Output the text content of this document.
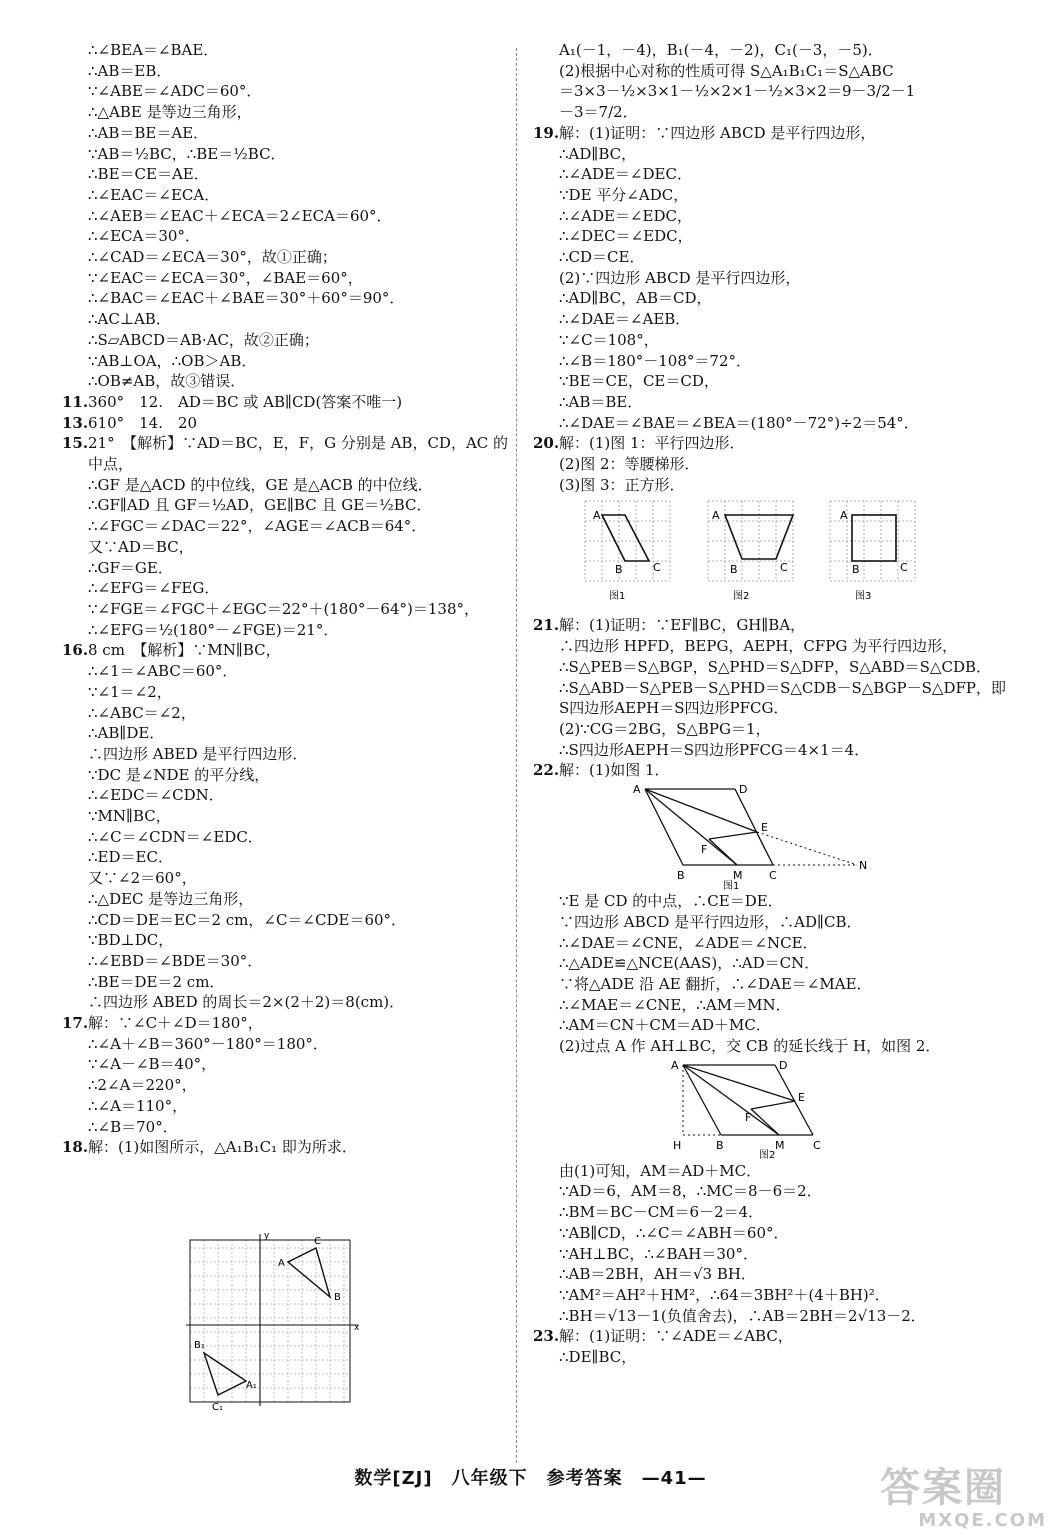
∴∠BEA＝∠BAE．
∴AB＝EB．
∵∠ABE＝∠ADC＝60°．
∴△ABE 是等边三角形，
∴AB＝BE＝AE．
∵AB＝½BC，∴BE＝½BC．
∴BE＝CE＝AE．
∴∠EAC＝∠ECA．
∴∠AEB＝∠EAC＋∠ECA＝2∠ECA＝60°．
∴∠ECA＝30°．
∴∠CAD＝∠ECA＝30°，故①正确；
∵∠EAC＝∠ECA＝30°，∠BAE＝60°，
∴∠BAC＝∠EAC＋∠BAE＝30°＋60°＝90°．
∴AC⊥AB．
∴S▱ABCD＝AB·AC，故②正确；
∵AB⊥OA，∴OB＞AB．
∴OB≠AB，故③错误．
11.360°　12.　AD＝BC 或 AB∥CD(答案不唯一)
13.610°　14.　20
15.21°　【解析】∵AD＝BC，E，F，G 分别是 AB，CD，AC 的
中点，
∴GF 是△ACD 的中位线，GE 是△ACB 的中位线．
∴GF∥AD 且 GF＝½AD，GE∥BC 且 GE＝½BC．
∴∠FGC＝∠DAC＝22°，∠AGE＝∠ACB＝64°．
又∵AD＝BC，
∴GF＝GE．
∴∠EFG＝∠FEG．
∵∠FGE＝∠FGC＋∠EGC＝22°＋(180°－64°)＝138°，
∴∠EFG＝½(180°－∠FGE)＝21°．
16.8 cm　【解析】∵MN∥BC，
∴∠1＝∠ABC＝60°．
∵∠1＝∠2，
∴∠ABC＝∠2，
∴AB∥DE．
∴四边形 ABED 是平行四边形．
∵DC 是∠NDE 的平分线，
∴∠EDC＝∠CDN．
∵MN∥BC，
∴∠C＝∠CDN＝∠EDC．
∴ED＝EC．
又∵∠2＝60°，
∴△DEC 是等边三角形，
∴CD＝DE＝EC＝2 cm，∠C＝∠CDE＝60°．
∵BD⊥DC，
∴∠EBD＝∠BDE＝30°．
∴BE＝DE＝2 cm．
∴四边形 ABED 的周长＝2×(2＋2)＝8(cm)．
17.解：∵∠C＋∠D＝180°，
∴∠A＋∠B＝360°－180°＝180°．
∵∠A－∠B＝40°，
∴2∠A＝220°，
∴∠A＝110°，
∴∠B＝70°．
18.解：(1)如图所示，△A₁B₁C₁ 即为所求．
A₁(－1，－4)，B₁(－4，－2)，C₁(－3，－5)．
(2)根据中心对称的性质可得 S△A₁B₁C₁＝S△ABC
＝3×3－½×3×1－½×2×1－½×3×2＝9－3/2－1
－3＝7/2．
19.解：(1)证明：∵四边形 ABCD 是平行四边形，
∴AD∥BC，
∴∠ADE＝∠DEC．
∵DE 平分∠ADC，
∴∠ADE＝∠EDC，
∴∠DEC＝∠EDC，
∴CD＝CE．
(2)∵四边形 ABCD 是平行四边形，
∴AD∥BC，AB＝CD，
∴∠DAE＝∠AEB．
∵∠C＝108°，
∴∠B＝180°－108°＝72°．
∵BE＝CE，CE＝CD，
∴AB＝BE．
∴∠DAE＝∠BAE＝∠BEA＝(180°－72°)÷2＝54°．
20.解：(1)图 1：平行四边形．
(2)图 2：等腰梯形．
(3)图 3：正方形．
A
B	C
A
B	C
A
B	C
图1	图2	图3
21.解：(1)证明：∵EF∥BC，GH∥BA，
∴四边形 HPFD，BEPG，AEPH，CFPG 为平行四边形，
∴S△PEB＝S△BGP，S△PHD＝S△DFP，S△ABD＝S△CDB．
∴S△ABD－S△PEB－S△PHD＝S△CDB－S△BGP－S△DFP，即
S四边形AEPH＝S四边形PFCG．
(2)∵CG＝2BG，S△BPG＝1，
∴S四边形AEPH＝S四边形PFCG＝4×1＝4．
22.解：(1)如图 1．
A	D
E
F
B	M C
N
图1
∵E 是 CD 的中点，∴CE＝DE．
∵四边形 ABCD 是平行四边形，∴AD∥CB．
∴∠DAE＝∠CNE，∠ADE＝∠NCE．
∴△ADE≌△NCE(AAS)，∴AD＝CN．
∵将△ADE 沿 AE 翻折，∴∠DAE＝∠MAE．
∴∠MAE＝∠CNE，∴AM＝MN．
∴AM＝CN＋CM＝AD＋MC．
(2)过点 A 作 AH⊥BC，交 CB 的延长线于 H，如图 2．
A	D
E
F
H	B	M	C
图2
由(1)可知，AM＝AD＋MC．
∵AD＝6，AM＝8，∴MC＝8－6＝2．
∴BM＝BC－CM＝6－2＝4．
∵AB∥CD，∴∠C＝∠ABH＝60°．
∵AH⊥BC，∴∠BAH＝30°．
∴AB＝2BH，AH＝√3 BH．
∵AM²＝AH²＋HM²，∴64＝3BH²＋(4＋BH)²．
∴BH＝√13－1(负值舍去)，∴AB＝2BH＝2√13－2．
23.解：(1)证明：∵∠ADE＝∠ABC，
∴DE∥BC，
x
y
A
C
B
B₁
A₁
C₁
数学[ZJ]　八年级下　参考答案　—41—	答案圈
MXQE.COM
